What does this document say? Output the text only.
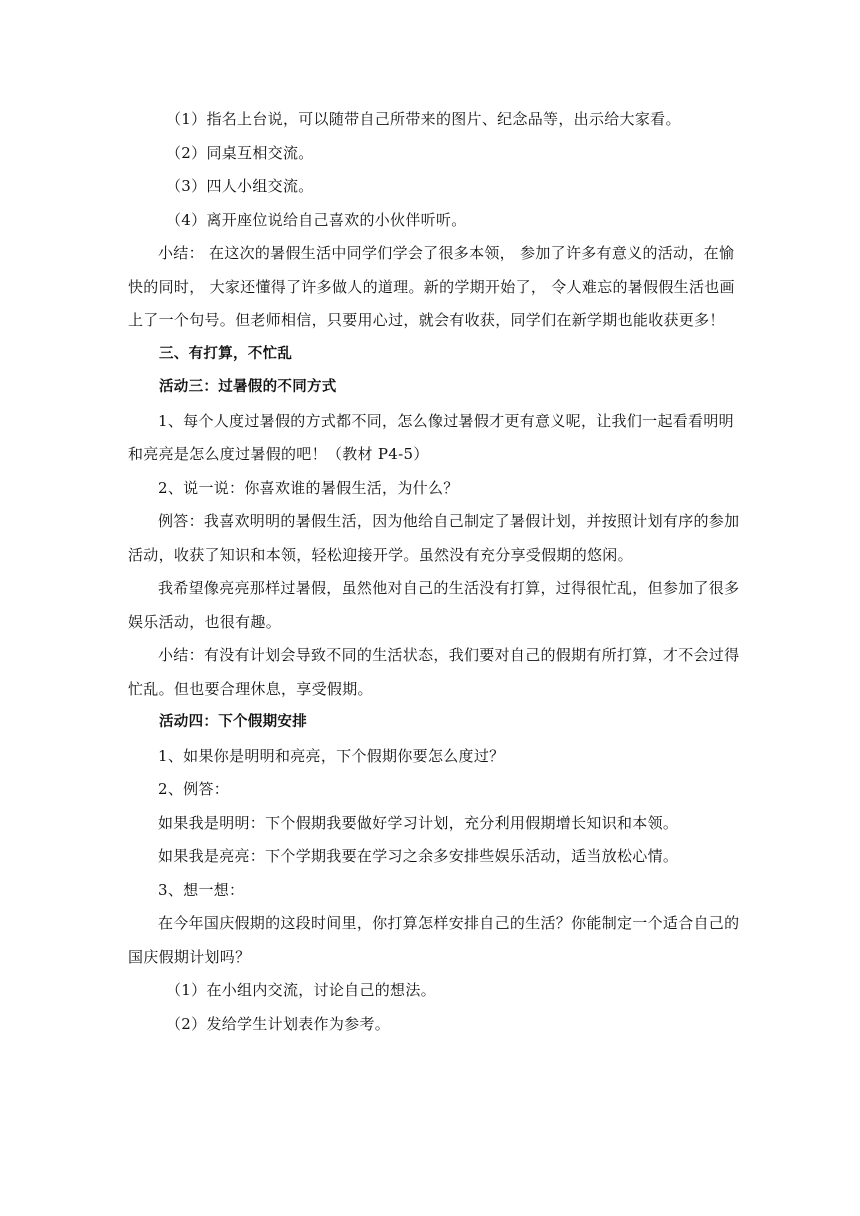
（1）指名上台说，可以随带自己所带来的图片、纪念品等，出示给大家看。

（2）同桌互相交流。

（3）四人小组交流。

（4）离开座位说给自己喜欢的小伙伴听听。

小结： 在这次的暑假生活中同学们学会了很多本领， 参加了许多有意义的活动，在愉快的同时， 大家还懂得了许多做人的道理。新的学期开始了， 令人难忘的暑假假生活也画上了一个句号。但老师相信，只要用心过，就会有收获，同学们在新学期也能收获更多！

三、有打算，不忙乱

活动三：过暑假的不同方式

1、每个人度过暑假的方式都不同，怎么像过暑假才更有意义呢，让我们一起看看明明和亮亮是怎么度过暑假的吧！（教材 P4-5）

2、说一说：你喜欢谁的暑假生活，为什么？

例答：我喜欢明明的暑假生活，因为他给自己制定了暑假计划，并按照计划有序的参加活动，收获了知识和本领，轻松迎接开学。虽然没有充分享受假期的悠闲。

我希望像亮亮那样过暑假，虽然他对自己的生活没有打算，过得很忙乱，但参加了很多娱乐活动，也很有趣。

小结：有没有计划会导致不同的生活状态，我们要对自己的假期有所打算，才不会过得忙乱。但也要合理休息，享受假期。

活动四：下个假期安排

1、如果你是明明和亮亮，下个假期你要怎么度过？

2、例答：

如果我是明明：下个假期我要做好学习计划，充分利用假期增长知识和本领。

如果我是亮亮：下个学期我要在学习之余多安排些娱乐活动，适当放松心情。

3、想一想：

在今年国庆假期的这段时间里，你打算怎样安排自己的生活？你能制定一个适合自己的国庆假期计划吗？

（1）在小组内交流，讨论自己的想法。

（2）发给学生计划表作为参考。
